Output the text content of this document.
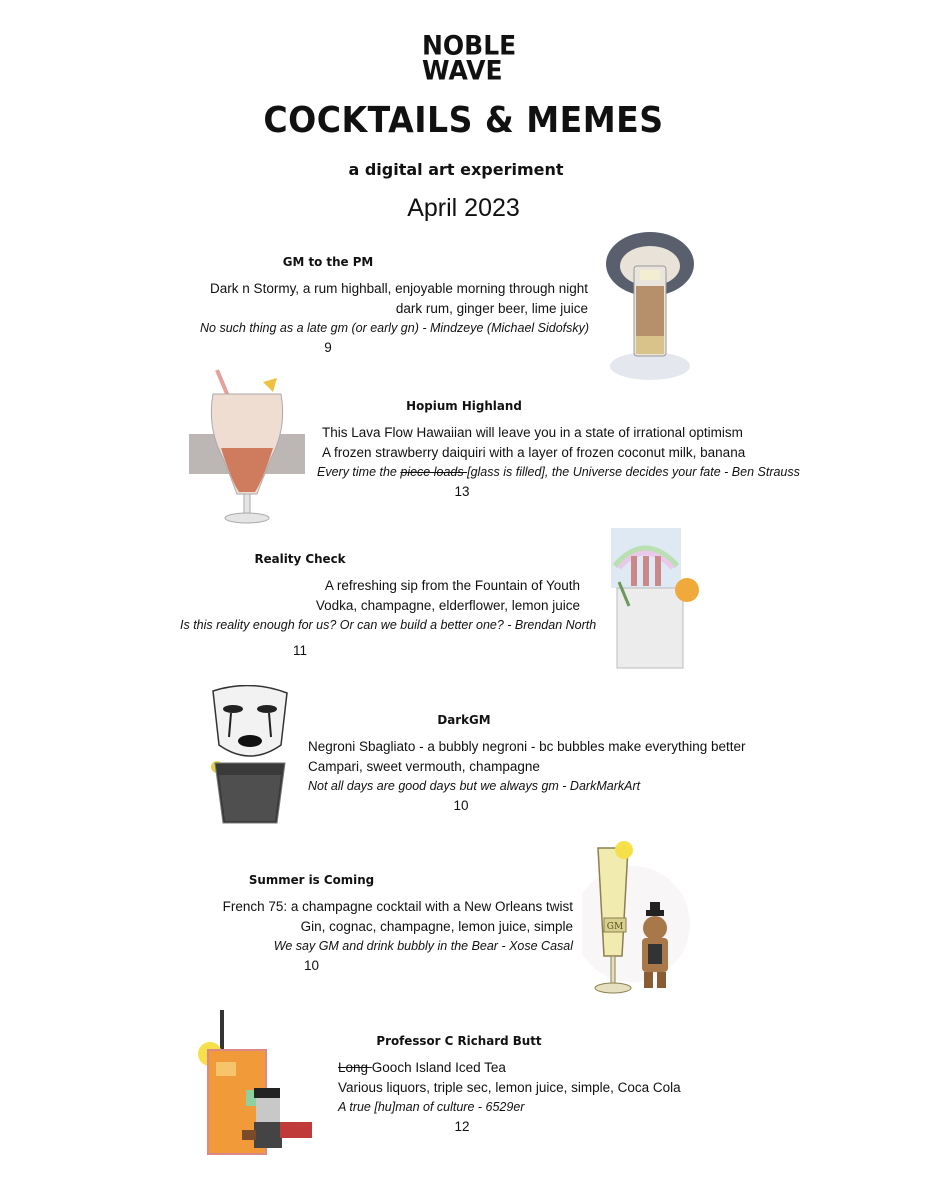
NOBLE
WAVE
COCKTAILS & MEMES
a digital art experiment
April 2023
GM to the PM
Dark n Stormy, a rum highball, enjoyable morning through night
dark rum, ginger beer, lime juice
No such thing as a late gm (or early gn) - Mindzeye (Michael Sidofsky)
9
Hopium Highland
This Lava Flow Hawaiian will leave you in a state of irrational optimism
A frozen strawberry daiquiri with a layer of frozen coconut milk, banana
Every time the piece loads [glass is filled], the Universe decides your fate - Ben Strauss
13
Reality Check
A refreshing sip from the Fountain of Youth
Vodka, champagne, elderflower, lemon juice
Is this reality enough for us? Or can we build a better one? - Brendan North
11
DarkGM
Negroni Sbagliato - a bubbly negroni - bc bubbles make everything better
Campari, sweet vermouth, champagne
Not all days are good days but we always gm - DarkMarkArt
10
Summer is Coming
French 75: a champagne cocktail with a New Orleans twist
Gin, cognac, champagne, lemon juice, simple
We say GM and drink bubbly in the Bear - Xose Casal
10
GM
Professor C Richard Butt
Long Gooch Island Iced Tea
Various liquors, triple sec, lemon juice, simple, Coca Cola
A true [hu]man of culture - 6529er
12
